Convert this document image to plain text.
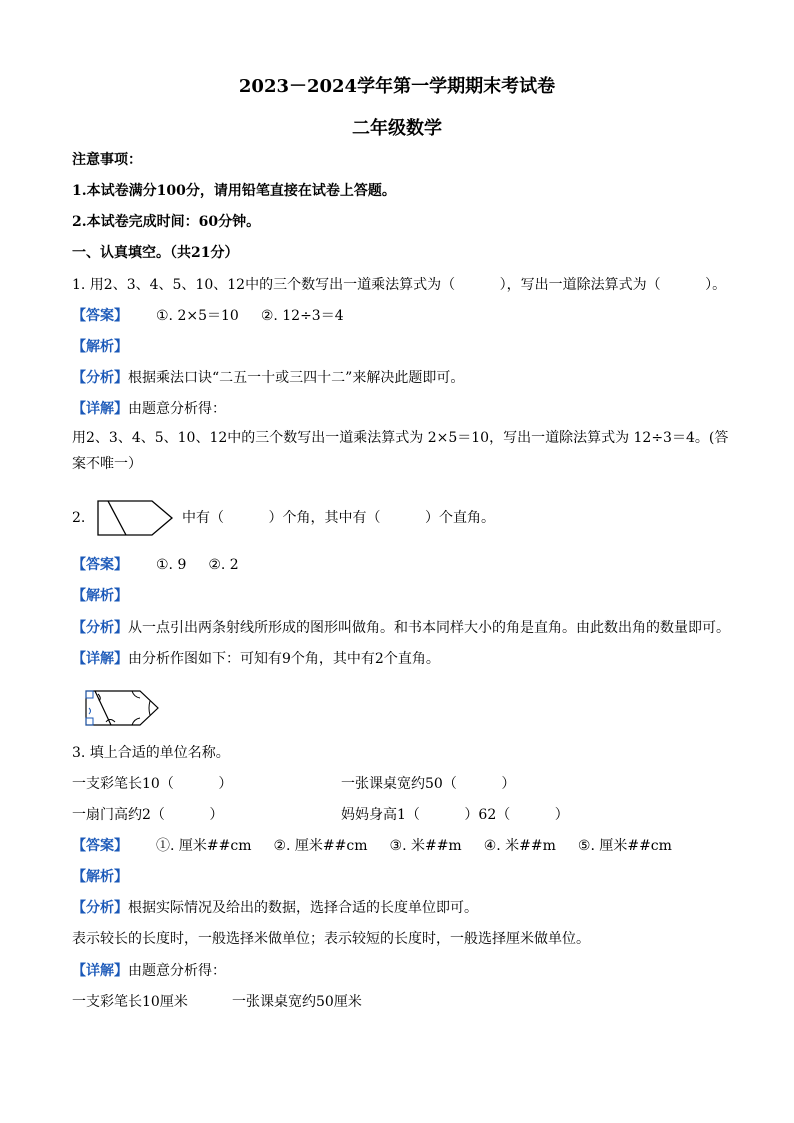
2023－2024学年第一学期期末考试卷
二年级数学
注意事项：
1.本试卷满分100分，请用铅笔直接在试卷上答题。
2.本试卷完成时间：60分钟。
一、认真填空。（共21分）
1. 用2、3、4、5、10、12中的三个数写出一道乘法算式为（          ），写出一道除法算式为（          ）。
【答案】 ①. 2×5＝10 ②. 12÷3＝4
【解析】
【分析】根据乘法口诀“二五一十或三四十二”来解决此题即可。
【详解】由题意分析得：
用2、3、4、5、10、12中的三个数写出一道乘法算式为 2×5＝10，写出一道除法算式为 12÷3＝4。(答案不唯一）
2.	中有（          ）个角，其中有（          ）个直角。
【答案】 ①. 9 ②. 2
【解析】
【分析】从一点引出两条射线所形成的图形叫做角。和书本同样大小的角是直角。由此数出角的数量即可。
【详解】由分析作图如下：可知有9个角，其中有2个直角。
3. 填上合适的单位名称。
一支彩笔长10（          ）	一张课桌宽约50（          ）
一扇门高约2（          ）	妈妈身高1（          ）62（          ）
【答案】 ①. 厘米##cm ②. 厘米##cm ③. 米##m ④. 米##m ⑤. 厘米##cm
【解析】
【分析】根据实际情况及给出的数据，选择合适的长度单位即可。
表示较长的长度时，一般选择米做单位；表示较短的长度时，一般选择厘米做单位。
【详解】由题意分析得：
一支彩笔长10厘米	一张课桌宽约50厘米
